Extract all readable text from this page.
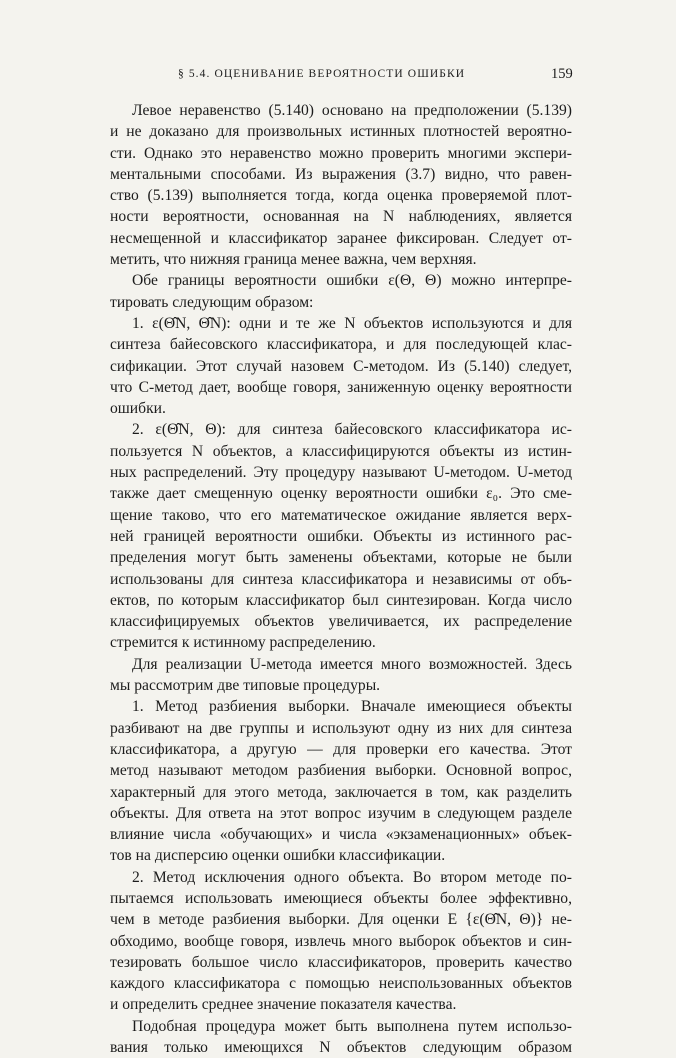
§ 5.4. ОЦЕНИВАНИЕ ВЕРОЯТНОСТИ ОШИБКИ	159
Левое неравенство (5.140) основано на предположении (5.139)
и не доказано для произвольных истинных плотностей вероятно-
сти. Однако это неравенство можно проверить многими экспери-
ментальными способами. Из выражения (3.7) видно, что равен-
ство (5.139) выполняется тогда, когда оценка проверяемой плот-
ности вероятности, основанная на N наблюдениях, является
несмещенной и классификатор заранее фиксирован. Следует от-
метить, что нижняя граница менее важна, чем верхняя.
Обе границы вероятности ошибки ε(Θ, Θ) можно интерпре-
тировать следующим образом:
1. ε(Θ̂N, Θ̂N): одни и те же N объектов используются и для
синтеза байесовского классификатора, и для последующей клас-
сификации. Этот случай назовем С-методом. Из (5.140) следует,
что С-метод дает, вообще говоря, заниженную оценку вероятности
ошибки.
2. ε(Θ̂N, Θ): для синтеза байесовского классификатора ис-
пользуется N объектов, а классифицируются объекты из истин-
ных распределений. Эту процедуру называют U-методом. U-метод
также дает смещенную оценку вероятности ошибки ε₀. Это сме-
щение таково, что его математическое ожидание является верх-
ней границей вероятности ошибки. Объекты из истинного рас-
пределения могут быть заменены объектами, которые не были
использованы для синтеза классификатора и независимы от объ-
ектов, по которым классификатор был синтезирован. Когда число
классифицируемых объектов увеличивается, их распределение
стремится к истинному распределению.
Для реализации U-метода имеется много возможностей. Здесь
мы рассмотрим две типовые процедуры.
1. Метод разбиения выборки. Вначале имеющиеся объекты
разбивают на две группы и используют одну из них для синтеза
классификатора, а другую — для проверки его качества. Этот
метод называют методом разбиения выборки. Основной вопрос,
характерный для этого метода, заключается в том, как разделить
объекты. Для ответа на этот вопрос изучим в следующем разделе
влияние числа «обучающих» и числа «экзаменационных» объек-
тов на дисперсию оценки ошибки классификации.
2. Метод исключения одного объекта. Во втором методе по-
пытаемся использовать имеющиеся объекты более эффективно,
чем в методе разбиения выборки. Для оценки E {ε(Θ̂N, Θ)} не-
обходимо, вообще говоря, извлечь много выборок объектов и син-
тезировать большое число классификаторов, проверить качество
каждого классификатора с помощью неиспользованных объектов
и определить среднее значение показателя качества.
Подобная процедура может быть выполнена путем использо-
вания только имеющихся N объектов следующим образом
